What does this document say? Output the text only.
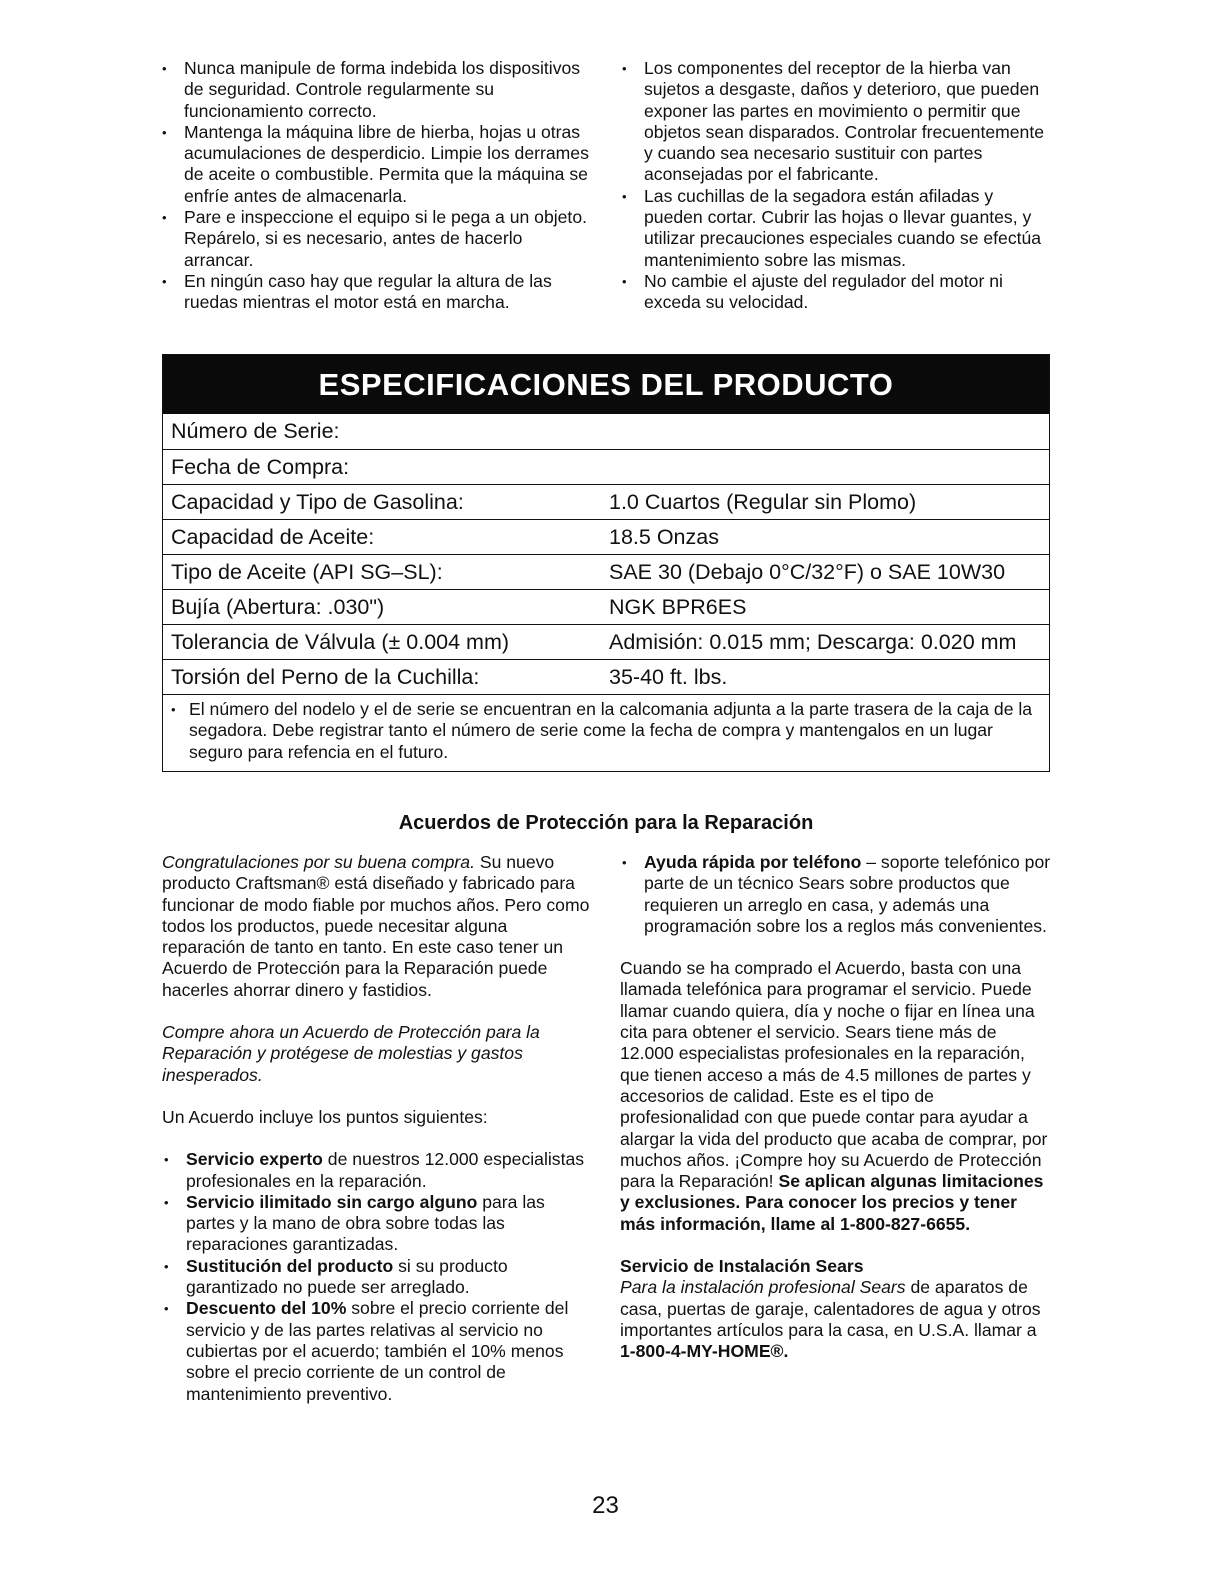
• Nunca manipule de forma indebida los dispositivos de seguridad. Controle regularmente su funcionamiento correcto.
• Mantenga la máquina libre de hierba, hojas u otras acumulaciones de desperdicio. Limpie los derrames de aceite o combustible. Permita que la máquina se enfríe antes de almacenarla.
• Pare e inspeccione el equipo si le pega a un objeto. Repárelo, si es necesario, antes de hacerlo arrancar.
• En ningún caso hay que regular la altura de las ruedas mientras el motor está en marcha.
• Los componentes del receptor de la hierba van sujetos a desgaste, daños y deterioro, que pueden exponer las partes en movimiento o permitir que objetos sean disparados. Controlar frecuentemente y cuando sea necesario sustituir con partes aconsejadas por el fabricante.
• Las cuchillas de la segadora están afiladas y pueden cortar. Cubrir las hojas o llevar guantes, y utilizar precauciones especiales cuando se efectúa mantenimiento sobre las mismas.
• No cambie el ajuste del regulador del motor ni exceda su velocidad.
ESPECIFICACIONES DEL PRODUCTO
Número de Serie:
Fecha de Compra:
Capacidad y Tipo de Gasolina:	1.0 Cuartos (Regular sin Plomo)
Capacidad de Aceite:	18.5 Onzas
Tipo de Aceite (API SG–SL):	SAE 30 (Debajo 0°C/32°F) o SAE 10W30
Bujía (Abertura: .030")	NGK BPR6ES
Tolerancia de Válvula (± 0.004 mm)	Admisión: 0.015 mm; Descarga: 0.020 mm
Torsión del Perno de la Cuchilla:	35-40 ft. lbs.
• El número del nodelo y el de serie se encuentran en la calcomania adjunta a la parte trasera de la caja de la segadora. Debe registrar tanto el número de serie come la fecha de compra y mantengalos en un lugar seguro para refencia en el futuro.
Acuerdos de Protección para la Reparación

Congratulaciones por su buena compra. Su nuevo producto Craftsman® está diseñado y fabricado para funcionar de modo fiable por muchos años. Pero como todos los productos, puede necesitar alguna reparación de tanto en tanto. En este caso tener un Acuerdo de Protección para la Reparación puede hacerles ahorrar dinero y fastidios.

Compre ahora un Acuerdo de Protección para la Reparación y protégese de molestias y gastos inesperados.

Un Acuerdo incluye los puntos siguientes:

• Servicio experto de nuestros 12.000 especialistas profesionales en la reparación.
• Servicio ilimitado sin cargo alguno para las partes y la mano de obra sobre todas las reparaciones garantizadas.
• Sustitución del producto si su producto garantizado no puede ser arreglado.
• Descuento del 10% sobre el precio corriente del servicio y de las partes relativas al servicio no cubiertas por el acuerdo; también el 10% menos sobre el precio corriente de un control de mantenimiento preventivo.
• Ayuda rápida por teléfono – soporte telefónico por parte de un técnico Sears sobre productos que requieren un arreglo en casa, y además una programación sobre los a reglos más convenientes.

Cuando se ha comprado el Acuerdo, basta con una llamada telefónica para programar el servicio. Puede llamar cuando quiera, día y noche o fijar en línea una cita para obtener el servicio. Sears tiene más de 12.000 especialistas profesionales en la reparación, que tienen acceso a más de 4.5 millones de partes y accesorios de calidad. Este es el tipo de profesionalidad con que puede contar para ayudar a alargar la vida del producto que acaba de comprar, por muchos años. ¡Compre hoy su Acuerdo de Protección para la Reparación! Se aplican algunas limitaciones y exclusiones. Para conocer los precios y tener más información, llame al 1-800-827-6655.

Servicio de Instalación Sears

Para la instalación profesional Sears de aparatos de casa, puertas de garaje, calentadores de agua y otros importantes artículos para la casa, en U.S.A. llamar a
1-800-4-MY-HOME®.

23
